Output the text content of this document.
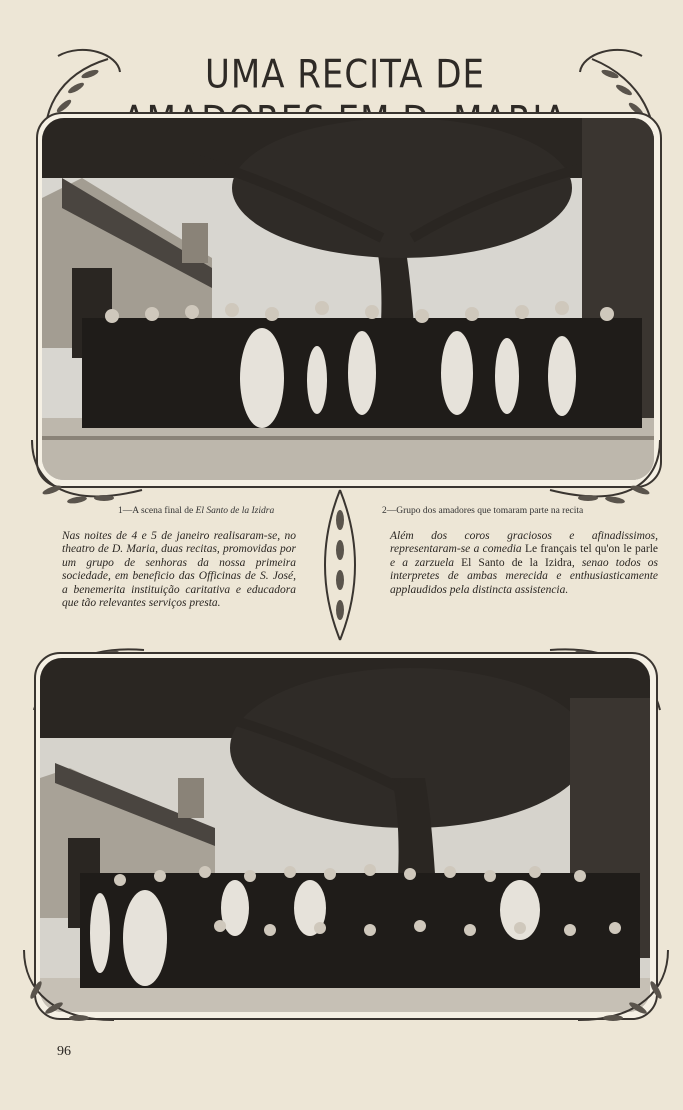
UMA RECITA DE
1—A scena final de El Santo de la Izidra	2—Grupo dos amadores que tomaram parte na recita
Nas noites de 4 e 5 de janeiro realisaram-se, no theatro de D. Maria, duas recitas, promovidas por um grupo de senhoras da nossa primeira sociedade, em beneficio das Officinas de S. José, a benemerita instituição caritativa e educadora que tão relevantes serviços presta.
Além dos coros graciosos e afinadissimos, representaram-se a comedia Le français tel qu'on le parle e a zarzuela El Santo de la Izidra, senao todos os interpretes de ambas merecida e enthusiasticamente applaudidos pela distincta assistencia.
96
